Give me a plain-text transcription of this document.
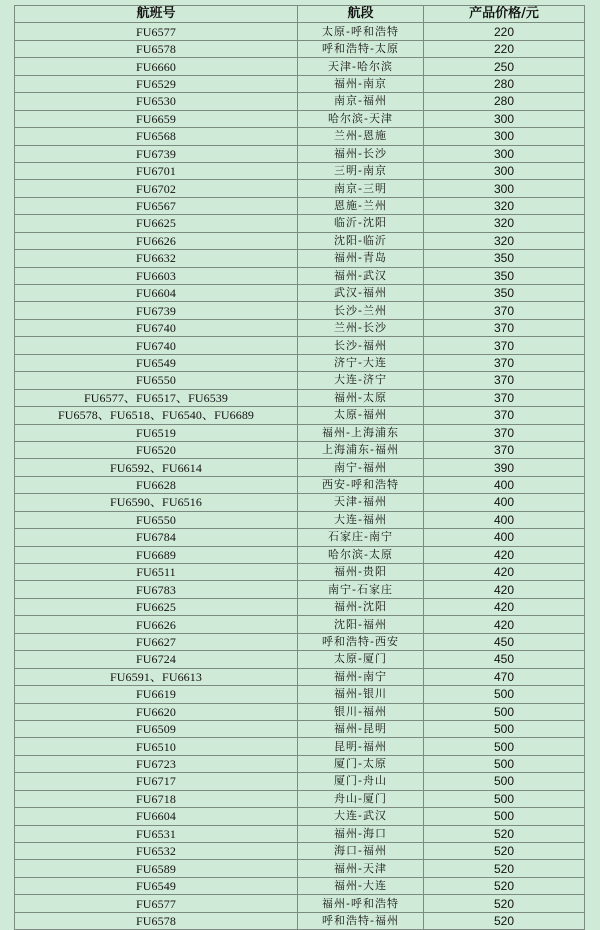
航班号	航段	产品价格/元
FU6577	太原-呼和浩特	220
FU6578	呼和浩特-太原	220
FU6660	天津-哈尔滨	250
FU6529	福州-南京	280
FU6530	南京-福州	280
FU6659	哈尔滨-天津	300
FU6568	兰州-恩施	300
FU6739	福州-长沙	300
FU6701	三明-南京	300
FU6702	南京-三明	300
FU6567	恩施-兰州	320
FU6625	临沂-沈阳	320
FU6626	沈阳-临沂	320
FU6632	福州-青岛	350
FU6603	福州-武汉	350
FU6604	武汉-福州	350
FU6739	长沙-兰州	370
FU6740	兰州-长沙	370
FU6740	长沙-福州	370
FU6549	济宁-大连	370
FU6550	大连-济宁	370
FU6577、FU6517、FU6539	福州-太原	370
FU6578、FU6518、FU6540、FU6689	太原-福州	370
FU6519	福州-上海浦东	370
FU6520	上海浦东-福州	370
FU6592、FU6614	南宁-福州	390
FU6628	西安-呼和浩特	400
FU6590、FU6516	天津-福州	400
FU6550	大连-福州	400
FU6784	石家庄-南宁	400
FU6689	哈尔滨-太原	420
FU6511	福州-贵阳	420
FU6783	南宁-石家庄	420
FU6625	福州-沈阳	420
FU6626	沈阳-福州	420
FU6627	呼和浩特-西安	450
FU6724	太原-厦门	450
FU6591、FU6613	福州-南宁	470
FU6619	福州-银川	500
FU6620	银川-福州	500
FU6509	福州-昆明	500
FU6510	昆明-福州	500
FU6723	厦门-太原	500
FU6717	厦门-舟山	500
FU6718	舟山-厦门	500
FU6604	大连-武汉	500
FU6531	福州-海口	520
FU6532	海口-福州	520
FU6589	福州-天津	520
FU6549	福州-大连	520
FU6577	福州-呼和浩特	520
FU6578	呼和浩特-福州	520
